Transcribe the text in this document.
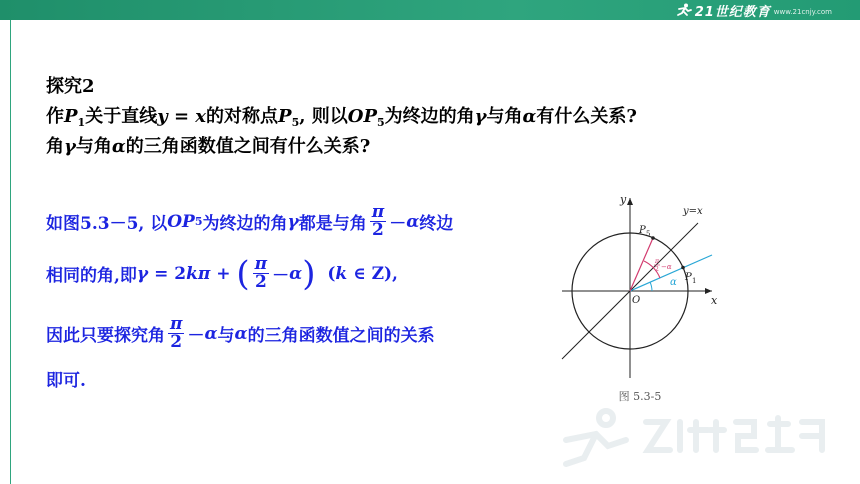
21世纪教育 www.21cnjy.com
探究2
作$P_1$关于直线y = x的对称点$P_5$, 则以$OP_5$为终边的角γ与角α有什么关系?
角γ与角α的三角函数值之间有什么关系?
如图5.3－5, 以 OP 5 为终边的角 γ 都是与角 $\frac{\pi}{2} - \alpha$ 终边
相同的角,即 γ = 2 k π + ( $\frac{\pi}{2} - \alpha$ ) ( k ∈ Z),
因此只要探究角 $\frac{\pi}{2} - \alpha$ 与 α 的三角函数值之间的关系
即可.
y
x
O
y=x
P 5
P 1
α
π
2 −α
图 5.3-5
